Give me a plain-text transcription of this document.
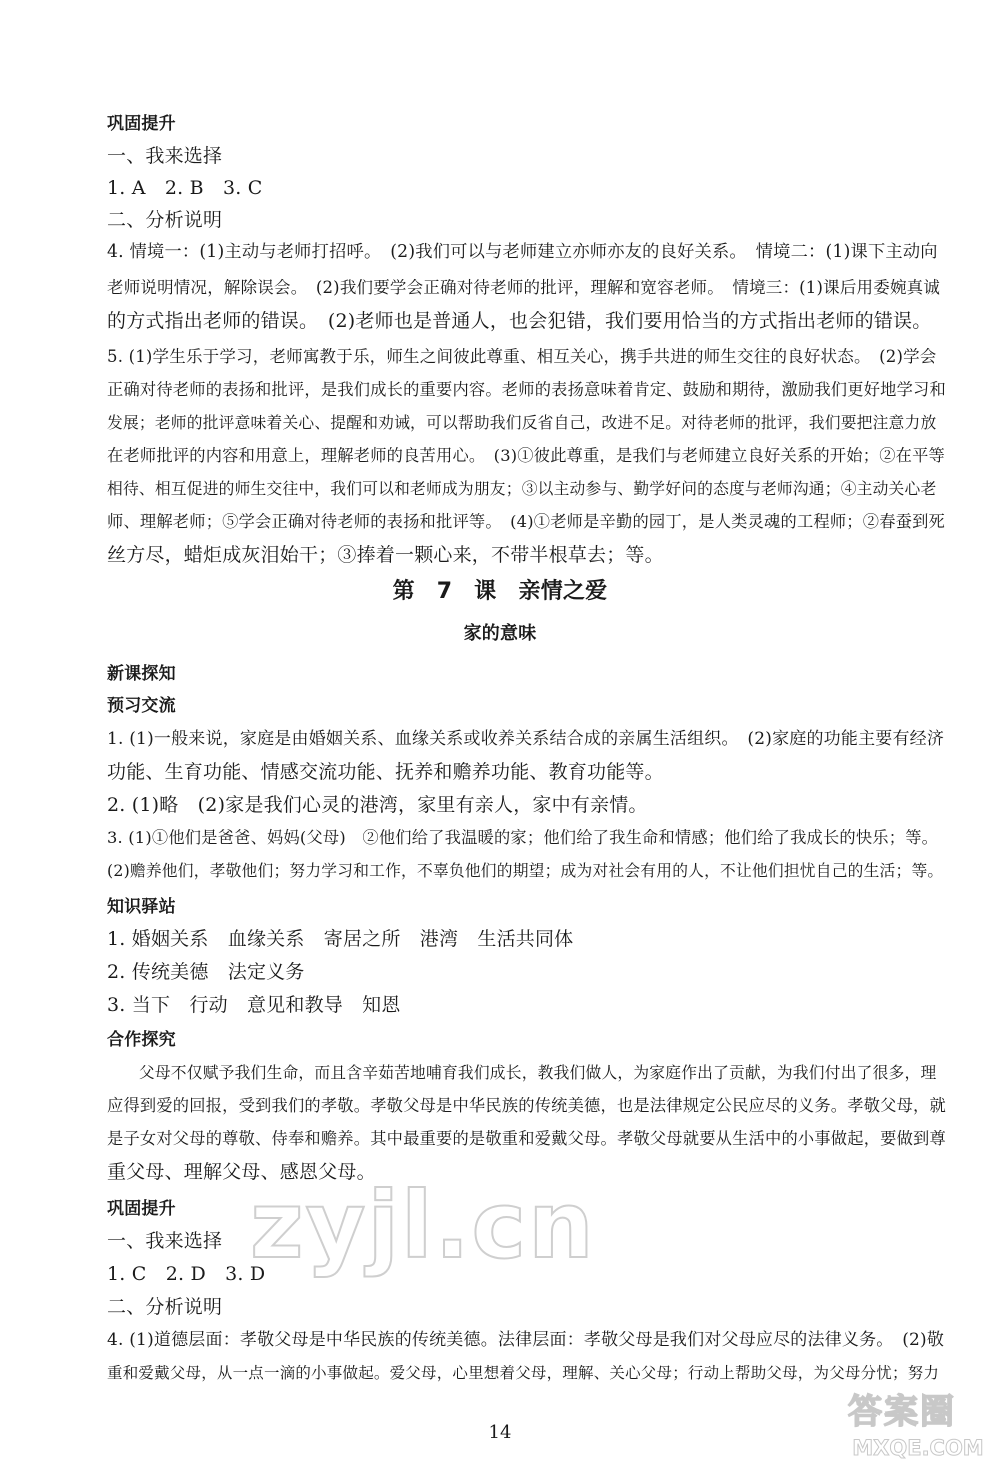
巩固提升
一、我来选择
1. A　2. B　3. C
二、分析说明
4. 情境一：(1)主动与老师打招呼。　(2)我们可以与老师建立亦师亦友的良好关系。　情境二：(1)课下主动向
老师说明情况，解除误会。　(2)我们要学会正确对待老师的批评，理解和宽容老师。　情境三：(1)课后用委婉真诚
的方式指出老师的错误。　(2)老师也是普通人，也会犯错，我们要用恰当的方式指出老师的错误。
5. (1)学生乐于学习，老师寓教于乐，师生之间彼此尊重、相互关心，携手共进的师生交往的良好状态。　(2)学会
正确对待老师的表扬和批评，是我们成长的重要内容。老师的表扬意味着肯定、鼓励和期待，激励我们更好地学习和
发展；老师的批评意味着关心、提醒和劝诫，可以帮助我们反省自己，改进不足。对待老师的批评，我们要把注意力放
在老师批评的内容和用意上，理解老师的良苦用心。　(3)①彼此尊重，是我们与老师建立良好关系的开始；②在平等
相待、相互促进的师生交往中，我们可以和老师成为朋友；③以主动参与、勤学好问的态度与老师沟通；④主动关心老
师、理解老师；⑤学会正确对待老师的表扬和批评等。　(4)①老师是辛勤的园丁，是人类灵魂的工程师；②春蚕到死
丝方尽，蜡炬成灰泪始干；③捧着一颗心来，不带半根草去；等。
第 7 课　亲情之爱
家的意味
新课探知
预习交流
1. (1)一般来说，家庭是由婚姻关系、血缘关系或收养关系结合成的亲属生活组织。　(2)家庭的功能主要有经济
功能、生育功能、情感交流功能、抚养和赡养功能、教育功能等。
2. (1)略　(2)家是我们心灵的港湾，家里有亲人，家中有亲情。
3. (1)①他们是爸爸、妈妈(父母)　②他们给了我温暖的家；他们给了我生命和情感；他们给了我成长的快乐；等。
(2)赡养他们，孝敬他们；努力学习和工作，不辜负他们的期望；成为对社会有用的人，不让他们担忧自己的生活；等。
知识驿站
1. 婚姻关系　血缘关系　寄居之所　港湾　生活共同体
2. 传统美德　法定义务
3. 当下　行动　意见和教导　知恩
合作探究
　　父母不仅赋予我们生命，而且含辛茹苦地哺育我们成长，教我们做人，为家庭作出了贡献，为我们付出了很多，理
应得到爱的回报，受到我们的孝敬。孝敬父母是中华民族的传统美德，也是法律规定公民应尽的义务。孝敬父母，就
是子女对父母的尊敬、侍奉和赡养。其中最重要的是敬重和爱戴父母。孝敬父母就要从生活中的小事做起，要做到尊
重父母、理解父母、感恩父母。
巩固提升
一、我来选择
1. C　2. D　3. D
二、分析说明
4. (1)道德层面：孝敬父母是中华民族的传统美德。法律层面：孝敬父母是我们对父母应尽的法律义务。　(2)敬
重和爱戴父母，从一点一滴的小事做起。爱父母，心里想着父母，理解、关心父母；行动上帮助父母，为父母分忧；努力
14
zyjl.cn
答案圈
MXQE.COM
